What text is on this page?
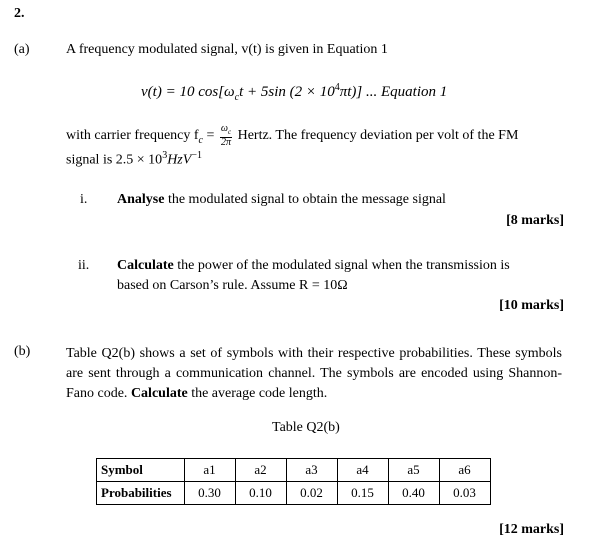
2.
(a)	A frequency modulated signal, v(t) is given in Equation 1
v(t) = 10 $\cos[\omega_ct + 5\sin$ $(2 \times 10^4\pi t)$] ... Equation 1
with carrier frequency $f_c = \frac{\omega_c}{2\pi}$ Hertz. The frequency deviation per volt of the FM
signal is $2.5 \times 10^3HzV^{-1}$
i. Analyse the modulated signal to obtain the message signal
[8 marks]
ii. Calculate the power of the modulated signal when the transmission is
based on Carson’s rule. Assume R = 10Ω
[10 marks]
(b)	Table Q2(b) shows a set of symbols with their respective probabilities. These symbols are sent through a communication channel. The symbols are encoded using Shannon-Fano code. Calculate the average code length.
Table Q2(b)
Symbol	a1	a2	a3	a4	a5	a6
Probabilities	0.30	0.10	0.02	0.15	0.40	0.03
[12 marks]
